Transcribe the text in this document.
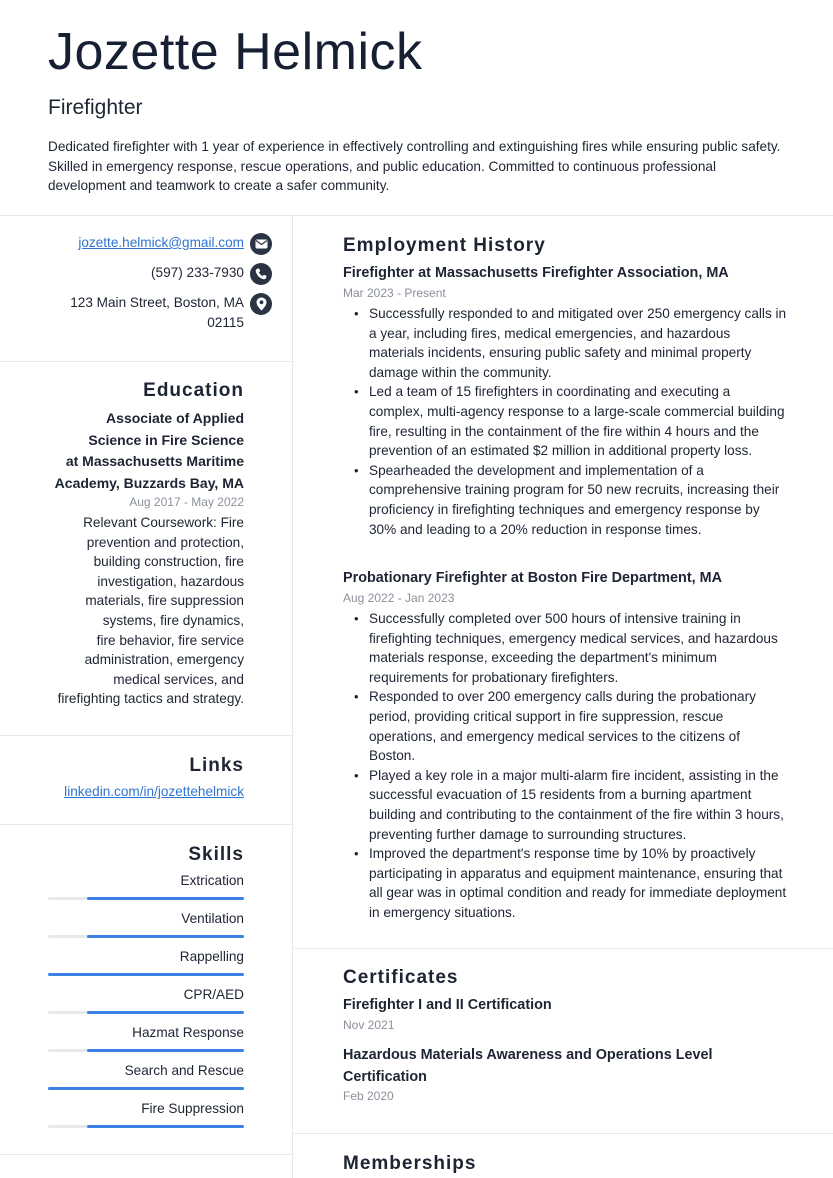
Jozette Helmick
Firefighter
Dedicated firefighter with 1 year of experience in effectively controlling and extinguishing fires while ensuring public safety. Skilled in emergency response, rescue operations, and public education. Committed to continuous professional development and teamwork to create a safer community.
jozette.helmick@gmail.com
(597) 233-7930
123 Main Street, Boston, MA
02115
Education
Associate of Applied
Science in Fire Science
at Massachusetts Maritime
Academy, Buzzards Bay, MA
Aug 2017 - May 2022
Relevant Coursework: Fire
prevention and protection,
building construction, fire
investigation, hazardous
materials, fire suppression
systems, fire dynamics,
fire behavior, fire service
administration, emergency
medical services, and
firefighting tactics and strategy.
Links
linkedin.com/in/jozettehelmick
Skills
Extrication
Ventilation
Rappelling
CPR/AED
Hazmat Response
Search and Rescue
Fire Suppression
Employment History
Firefighter at Massachusetts Firefighter Association, MA
Mar 2023 - Present
• Successfully responded to and mitigated over 250 emergency calls in a year, including fires, medical emergencies, and hazardous materials incidents, ensuring public safety and minimal property damage within the community.
• Led a team of 15 firefighters in coordinating and executing a complex, multi-agency response to a large-scale commercial building fire, resulting in the containment of the fire within 4 hours and the prevention of an estimated $2 million in additional property loss.
• Spearheaded the development and implementation of a comprehensive training program for 50 new recruits, increasing their proficiency in firefighting techniques and emergency response by 30% and leading to a 20% reduction in response times.
Probationary Firefighter at Boston Fire Department, MA
Aug 2022 - Jan 2023
• Successfully completed over 500 hours of intensive training in firefighting techniques, emergency medical services, and hazardous materials response, exceeding the department's minimum requirements for probationary firefighters.
• Responded to over 200 emergency calls during the probationary period, providing critical support in fire suppression, rescue operations, and emergency medical services to the citizens of Boston.
• Played a key role in a major multi-alarm fire incident, assisting in the successful evacuation of 15 residents from a burning apartment building and contributing to the containment of the fire within 3 hours, preventing further damage to surrounding structures.
• Improved the department's response time by 10% by proactively participating in apparatus and equipment maintenance, ensuring that all gear was in optimal condition and ready for immediate deployment in emergency situations.
Certificates
Firefighter I and II Certification
Nov 2021
Hazardous Materials Awareness and Operations Level Certification
Feb 2020
Memberships
